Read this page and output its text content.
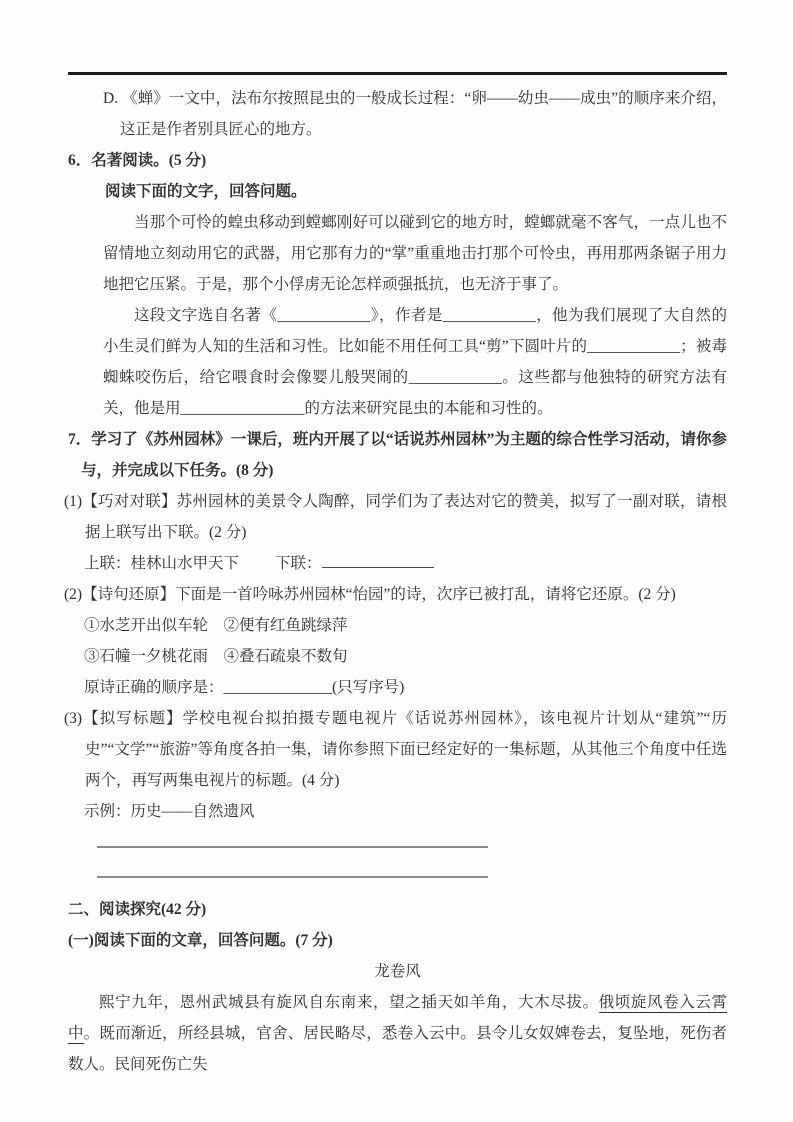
D. 《蝉》一文中，法布尔按照昆虫的一般成长过程：“卵——幼虫——成虫”的顺序来介绍，这正是作者别具匠心的地方。
6．名著阅读。(5 分)
阅读下面的文字，回答问题。
当那个可怜的蝗虫移动到螳螂刚好可以碰到它的地方时，螳螂就毫不客气，一点儿也不留情地立刻动用它的武器，用它那有力的“掌”重重地击打那个可怜虫，再用那两条锯子用力地把它压紧。于是，那个小俘虏无论怎样顽强抵抗，也无济于事了。
这段文字选自名著《____________》，作者是____________，他为我们展现了大自然的小生灵们鲜为人知的生活和习性。比如能不用任何工具“剪”下圆叶片的____________；被毒蜘蛛咬伤后，给它喂食时会像婴儿般哭闹的____________。这些都与他独特的研究方法有关，他是用________________的方法来研究昆虫的本能和习性的。
7．学习了《苏州园林》一课后，班内开展了以“话说苏州园林”为主题的综合性学习活动，请你参与，并完成以下任务。(8 分)
(1)【巧对对联】苏州园林的美景令人陶醉，同学们为了表达对它的赞美，拟写了一副对联，请根据上联写出下联。(2 分)
上联：桂林山水甲天下 下联：
(2)【诗句还原】下面是一首吟咏苏州园林“怡园”的诗，次序已被打乱，请将它还原。(2 分)
①水芝开出似车轮　②便有红鱼跳绿萍
③石幢一夕桃花雨　④叠石疏泉不数旬
原诗正确的顺序是：______________(只写序号)
(3)【拟写标题】学校电视台拟拍摄专题电视片《话说苏州园林》，该电视片计划从“建筑”“历史”“文学”“旅游”等角度各拍一集，请你参照下面已经定好的一集标题，从其他三个角度中任选两个，再写两集电视片的标题。(4 分)
示例：历史——自然遗风
二、阅读探究(42 分)
(一)阅读下面的文章，回答问题。(7 分)
龙卷风
熙宁九年，恩州武城县有旋风自东南来，望之插天如羊角，大木尽拔。俄顷旋风卷入云霄中。既而渐近，所经县城，官舍、居民略尽，悉卷入云中。县令儿女奴婢卷去，复坠地，死伤者数人。民间死伤亡失
